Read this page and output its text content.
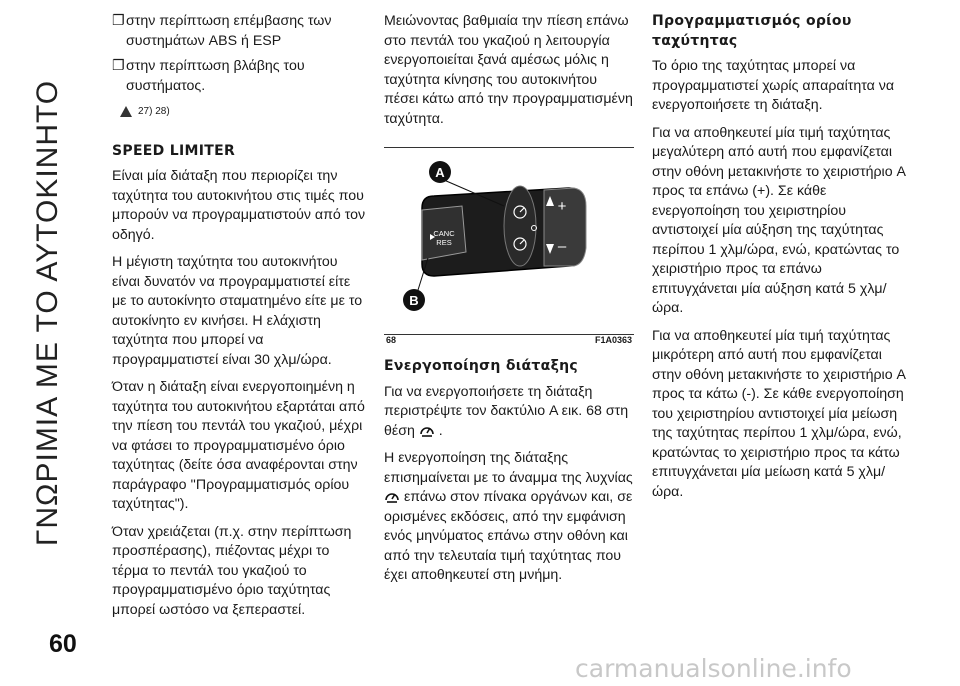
ΓΝΩΡΙΜΙΑ ΜΕ ΤΟ ΑΥΤΟΚΙΝΗΤΟ
60
❐ στην περίπτωση επέμβασης των συστημάτων ABS ή ESP
❐ στην περίπτωση βλάβης του συστήματος.
27) 28)
SPEED LIMITER

Είναι μία διάταξη που περιορίζει την ταχύτητα του αυτοκινήτου στις τιμές που μπορούν να προγραμματιστούν από τον οδηγό.

Η μέγιστη ταχύτητα του αυτοκινήτου είναι δυνατόν να προγραμματιστεί είτε με το αυτοκίνητο σταματημένο είτε με το αυτοκίνητο εν κινήσει. Η ελάχιστη ταχύτητα που μπορεί να προγραμματιστεί είναι 30 χλμ/ώρα.

Όταν η διάταξη είναι ενεργοποιημένη η ταχύτητα του αυτοκινήτου εξαρτάται από την πίεση του πεντάλ του γκαζιού, μέχρι να φτάσει το προγραμματισμένο όριο ταχύτητας (δείτε όσα αναφέρονται στην παράγραφο ''Προγραμματισμός ορίου ταχύτητας").

Όταν χρειάζεται (π.χ. στην περίπτωση προσπέρασης), πιέζοντας μέχρι το τέρμα το πεντάλ του γκαζιού το προγραμματισμένο όριο ταχύτητας μπορεί ωστόσο να ξεπεραστεί.

Μειώνοντας βαθμιαία την πίεση επάνω στο πεντάλ του γκαζιού η λειτουργία ενεργοποιείται ξανά αμέσως μόλις η ταχύτητα κίνησης του αυτοκινήτου πέσει κάτω από την προγραμματισμένη ταχύτητα.

CANC
RES
+
–
A
B
68	F1A0363
Ενεργοποίηση διάταξης

Για να ενεργοποιήσετε τη διάταξη περιστρέψτε τον δακτύλιο A εικ. 68 στη θέση .

Η ενεργοποίηση της διάταξης επισημαίνεται με το άναμμα της λυχνίας  επάνω στον πίνακα οργάνων και, σε ορισμένες εκδόσεις, από την εμφάνιση ενός μηνύματος επάνω στην οθόνη και από την τελευταία τιμή ταχύτητας που έχει αποθηκευτεί στη μνήμη.

Προγραμματισμός ορίου ταχύτητας

Το όριο της ταχύτητας μπορεί να προγραμματιστεί χωρίς απαραίτητα να ενεργοποιήσετε τη διάταξη.

Για να αποθηκευτεί μία τιμή ταχύτητας μεγαλύτερη από αυτή που εμφανίζεται στην οθόνη μετακινήστε το χειριστήριο A προς τα επάνω (+). Σε κάθε ενεργοποίηση του χειριστηρίου αντιστοιχεί μία αύξηση της ταχύτητας περίπου 1 χλμ/ώρα, ενώ, κρατώντας το χειριστήριο προς τα επάνω επιτυγχάνεται μία αύξηση κατά 5 χλμ/ώρα.

Για να αποθηκευτεί μία τιμή ταχύτητας μικρότερη από αυτή που εμφανίζεται στην οθόνη μετακινήστε το χειριστήριο A προς τα κάτω (-). Σε κάθε ενεργοποίηση του χειριστηρίου αντιστοιχεί μία μείωση της ταχύτητας περίπου 1 χλμ/ώρα, ενώ, κρατώντας το χειριστήριο προς τα κάτω επιτυγχάνεται μία μείωση κατά 5 χλμ/ώρα.

carmanualsonline.info
